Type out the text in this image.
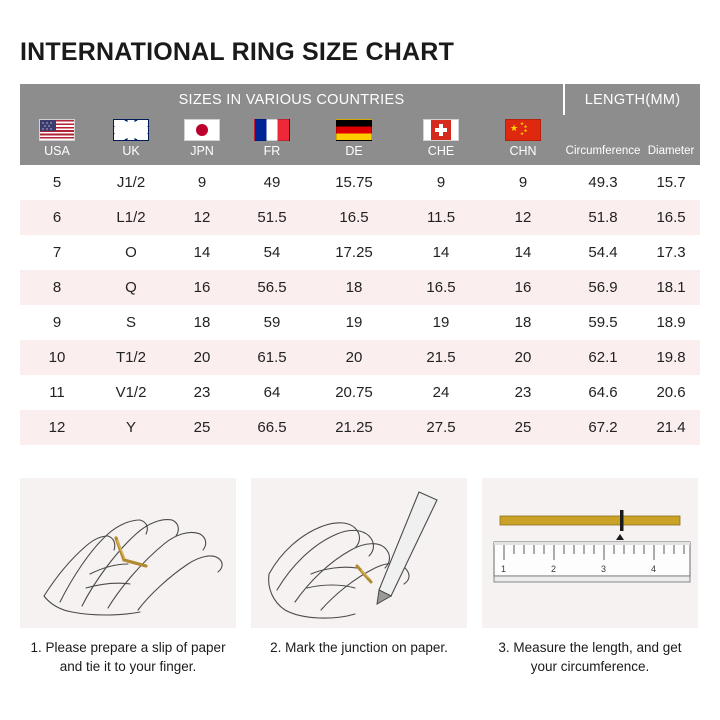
INTERNATIONAL RING SIZE CHART
SIZES IN VARIOUS COUNTRIES							LENGTH(MM)	

						★ ★
★
★
★		

USA	UK	JPN	FR	DE	CHE	CHN	Circumference	Diameter
5	J1/2	9	49	15.75	9	9	49.3	15.7
6	L1/2	12	51.5	16.5	11.5	12	51.8	16.5
7	O	14	54	17.25	14	14	54.4	17.3
8	Q	16	56.5	18	16.5	16	56.9	18.1
9	S	18	59	19	19	18	59.5	18.9
10	T1/2	20	61.5	20	21.5	20	62.1	19.8
11	V1/2	23	64	20.75	24	23	64.6	20.6
12	Y	25	66.5	21.25	27.5	25	67.2	21.4
1. Please prepare a slip of paper and tie it to your finger.
2. Mark the junction on paper.
1	2	3	4
3. Measure the length, and get your circumference.
